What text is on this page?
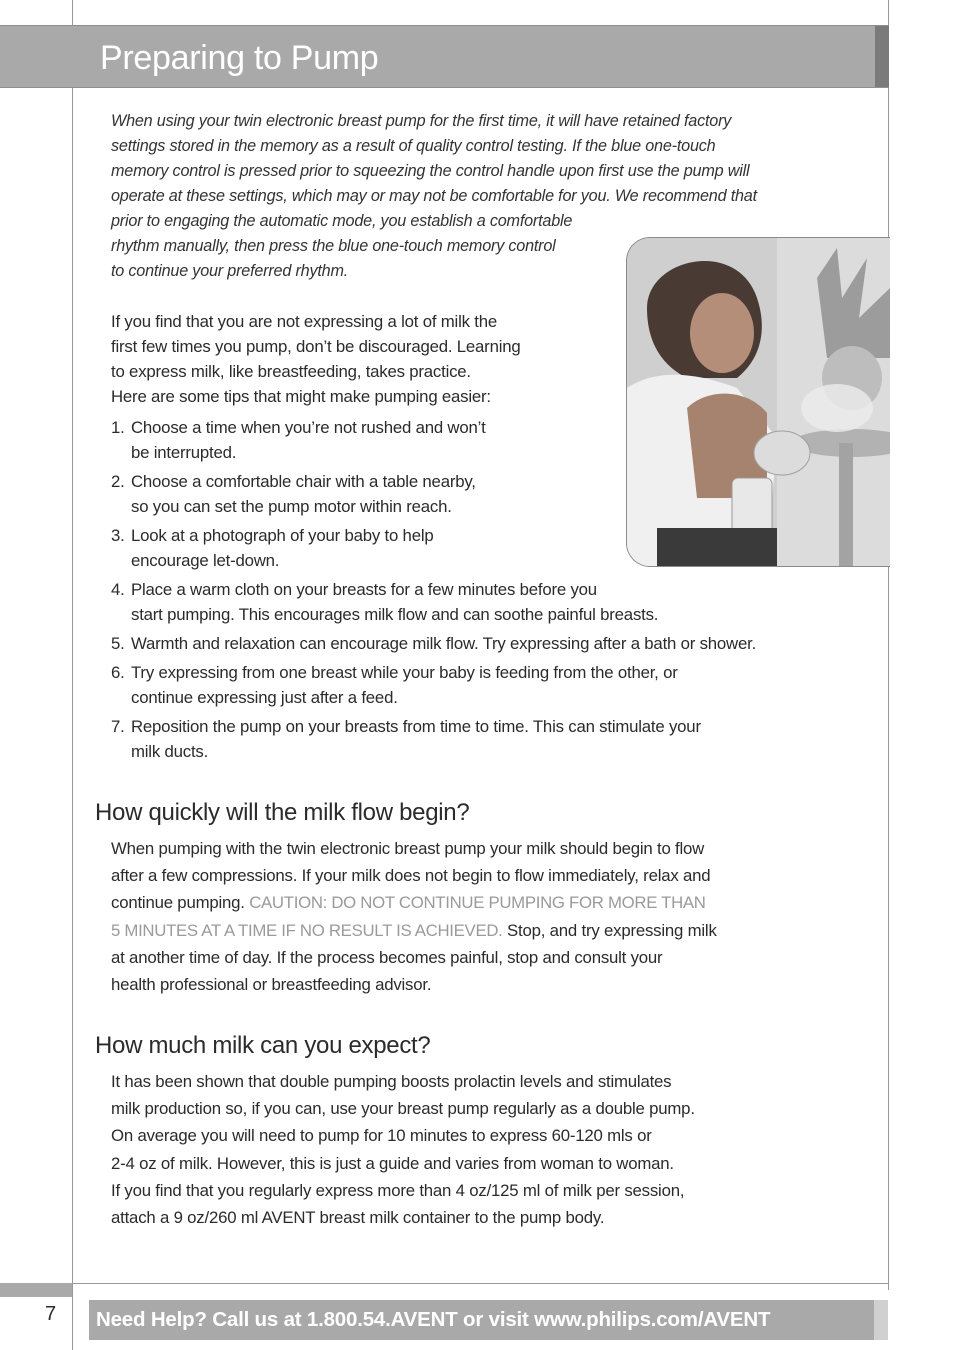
Preparing to Pump

When using your twin electronic breast pump for the first time, it will have retained factory
settings stored in the memory as a result of quality control testing. If the blue one-touch
memory control is pressed prior to squeezing the control handle upon first use the pump will
operate at these settings, which may or may not be comfortable for you. We recommend that
prior to engaging the automatic mode, you establish a comfortable
rhythm manually, then press the blue one-touch memory control
to continue your preferred rhythm.

If you find that you are not expressing a lot of milk the
first few times you pump, don’t be discouraged. Learning
to express milk, like breastfeeding, takes practice.
Here are some tips that might make pumping easier:

1. Choose a time when you’re not rushed and won’t
be interrupted.
2. Choose a comfortable chair with a table nearby,
so you can set the pump motor within reach.
3. Look at a photograph of your baby to help
encourage let-down.
4. Place a warm cloth on your breasts for a few minutes before you
start pumping. This encourages milk flow and can soothe painful breasts.
5. Warmth and relaxation can encourage milk flow. Try expressing after a bath or shower.
6. Try expressing from one breast while your baby is feeding from the other, or
continue expressing just after a feed.
7. Reposition the pump on your breasts from time to time. This can stimulate your
milk ducts.
How quickly will the milk flow begin?

When pumping with the twin electronic breast pump your milk should begin to flow
after a few compressions. If your milk does not begin to flow immediately, relax and
continue pumping. CAUTION: DO NOT CONTINUE PUMPING FOR MORE THAN
5 MINUTES AT A TIME IF NO RESULT IS ACHIEVED. Stop, and try expressing milk
at another time of day. If the process becomes painful, stop and consult your
health professional or breastfeeding advisor.

How much milk can you expect?

It has been shown that double pumping boosts prolactin levels and stimulates
milk production so, if you can, use your breast pump regularly as a double pump.
On average you will need to pump for 10 minutes to express 60-120 mls or
2-4 oz of milk. However, this is just a guide and varies from woman to woman.
If you find that you regularly express more than 4 oz/125 ml of milk per session,
attach a 9 oz/260 ml AVENT breast milk container to the pump body.

7 Need Help? Call us at 1.800.54.AVENT or visit www.philips.com/AVENT
